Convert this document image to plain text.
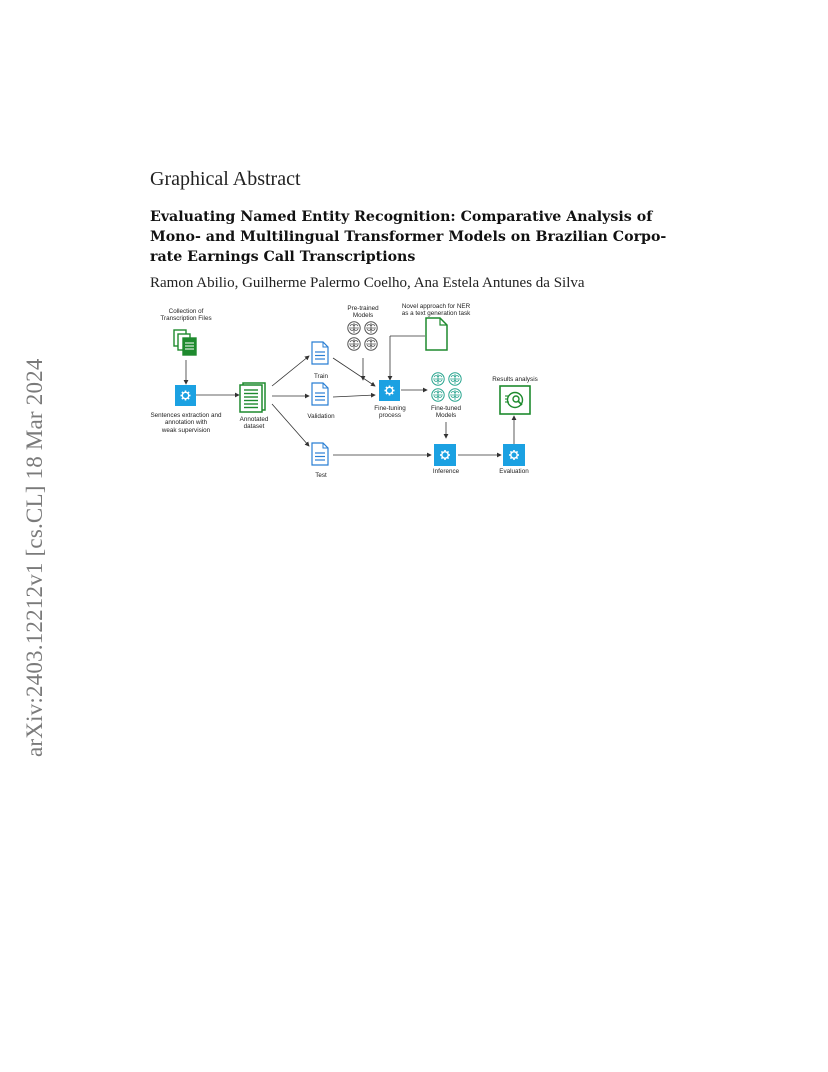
arXiv:2403.12212v1 [cs.CL] 18 Mar 2024
Graphical Abstract
Evaluating Named Entity Recognition: Comparative Analysis of
Mono- and Multilingual Transformer Models on Brazilian Corpo-
rate Earnings Call Transcriptions
Ramon Abilio, Guilherme Palermo Coelho, Ana Estela Antunes da Silva
Collection of
Transcription Files
Sentences extraction and
annotation with
weak supervision
Annotated
dataset
Train
Validation
Test
Pre-trained
Models
Novel approach for NER
as a text generation task
Fine-tuning
process
Fine-tuned
Models
Inference
Results analysis
Evaluation
